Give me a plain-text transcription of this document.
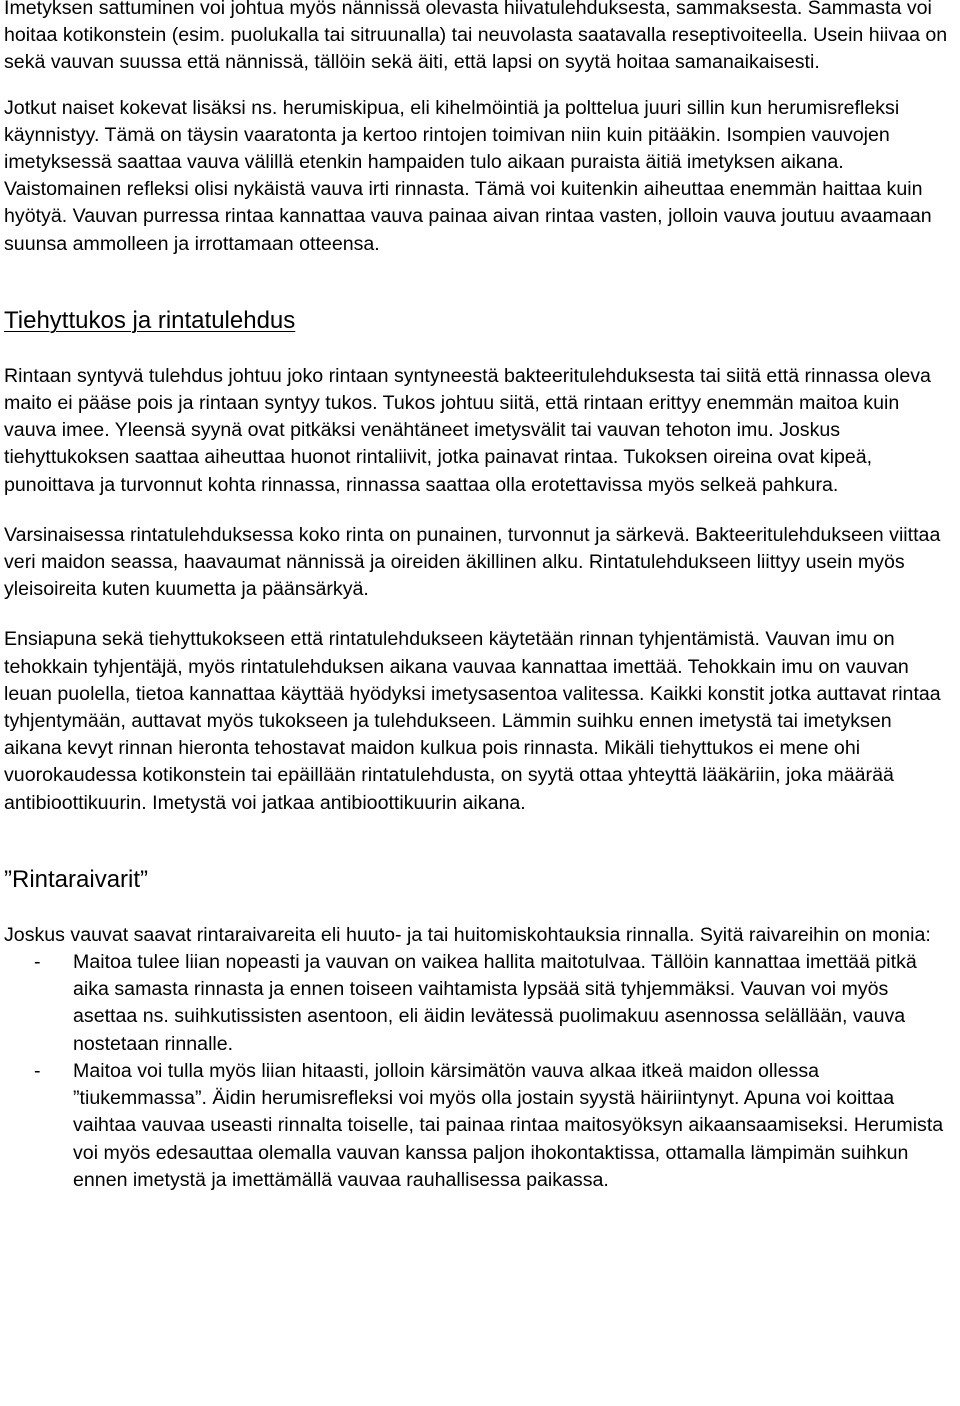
Imetyksen sattuminen voi johtua myös nännissä olevasta hiivatulehduksesta, sammaksesta. Sammasta voi hoitaa kotikonstein (esim. puolukalla tai sitruunalla) tai neuvolasta saatavalla reseptivoiteella. Usein hiivaa on sekä vauvan suussa että nännissä, tällöin sekä äiti, että lapsi on syytä hoitaa samanaikaisesti.

Jotkut naiset kokevat lisäksi ns. herumiskipua, eli kihelmöintiä ja polttelua juuri sillin kun herumisrefleksi käynnistyy. Tämä on täysin vaaratonta ja kertoo rintojen toimivan niin kuin pitääkin. Isompien vauvojen imetyksessä saattaa vauva välillä etenkin hampaiden tulo aikaan puraista äitiä imetyksen aikana. Vaistomainen refleksi olisi nykäistä vauva irti rinnasta. Tämä voi kuitenkin aiheuttaa enemmän haittaa kuin hyötyä. Vauvan purressa rintaa kannattaa vauva painaa aivan rintaa vasten, jolloin vauva joutuu avaamaan suunsa ammolleen ja irrottamaan otteensa.

Tiehyttukos ja rintatulehdus

Rintaan syntyvä tulehdus johtuu joko rintaan syntyneestä bakteeritulehduksesta tai siitä että rinnassa oleva maito ei pääse pois ja rintaan syntyy tukos. Tukos johtuu siitä, että rintaan erittyy enemmän maitoa kuin vauva imee. Yleensä syynä ovat pitkäksi venähtäneet imetysvälit tai vauvan tehoton imu. Joskus tiehyttukoksen saattaa aiheuttaa huonot rintaliivit, jotka painavat rintaa. Tukoksen oireina ovat kipeä, punoittava ja turvonnut kohta rinnassa, rinnassa saattaa olla erotettavissa myös selkeä pahkura.

Varsinaisessa rintatulehduksessa koko rinta on punainen, turvonnut ja särkevä. Bakteeritulehdukseen viittaa veri maidon seassa, haavaumat nännissä ja oireiden äkillinen alku. Rintatulehdukseen liittyy usein myös yleisoireita kuten kuumetta ja päänsärkyä.

Ensiapuna sekä tiehyttukokseen että rintatulehdukseen käytetään rinnan tyhjentämistä. Vauvan imu on tehokkain tyhjentäjä, myös rintatulehduksen aikana vauvaa kannattaa imettää. Tehokkain imu on vauvan leuan puolella, tietoa kannattaa käyttää hyödyksi imetysasentoa valitessa. Kaikki konstit jotka auttavat rintaa tyhjentymään, auttavat myös tukokseen ja tulehdukseen. Lämmin suihku ennen imetystä tai imetyksen aikana kevyt rinnan hieronta tehostavat maidon kulkua pois rinnasta. Mikäli tiehyttukos ei mene ohi vuorokaudessa kotikonstein tai epäillään rintatulehdusta, on syytä ottaa yhteyttä lääkäriin, joka määrää antibioottikuurin. Imetystä voi jatkaa antibioottikuurin aikana.

”Rintaraivarit”

Joskus vauvat saavat rintaraivareita eli huuto- ja tai huitomiskohtauksia rinnalla. Syitä raivareihin on monia:

-	Maitoa tulee liian nopeasti ja vauvan on vaikea hallita maitotulvaa. Tällöin kannattaa imettää pitkä aika samasta rinnasta ja ennen toiseen vaihtamista lypsää sitä tyhjemmäksi. Vauvan voi myös asettaa ns. suihkutissisten asentoon, eli äidin levätessä puolimakuu asennossa selällään, vauva nostetaan rinnalle.
-	Maitoa voi tulla myös liian hitaasti, jolloin kärsimätön vauva alkaa itkeä maidon ollessa ”tiukemmassa”. Äidin herumisrefleksi voi myös olla jostain syystä häiriintynyt. Apuna voi koittaa vaihtaa vauvaa useasti rinnalta toiselle, tai painaa rintaa maitosyöksyn aikaansaamiseksi. Herumista voi myös edesauttaa olemalla vauvan kanssa paljon ihokontaktissa, ottamalla lämpimän suihkun ennen imetystä ja imettämällä vauvaa rauhallisessa paikassa.
